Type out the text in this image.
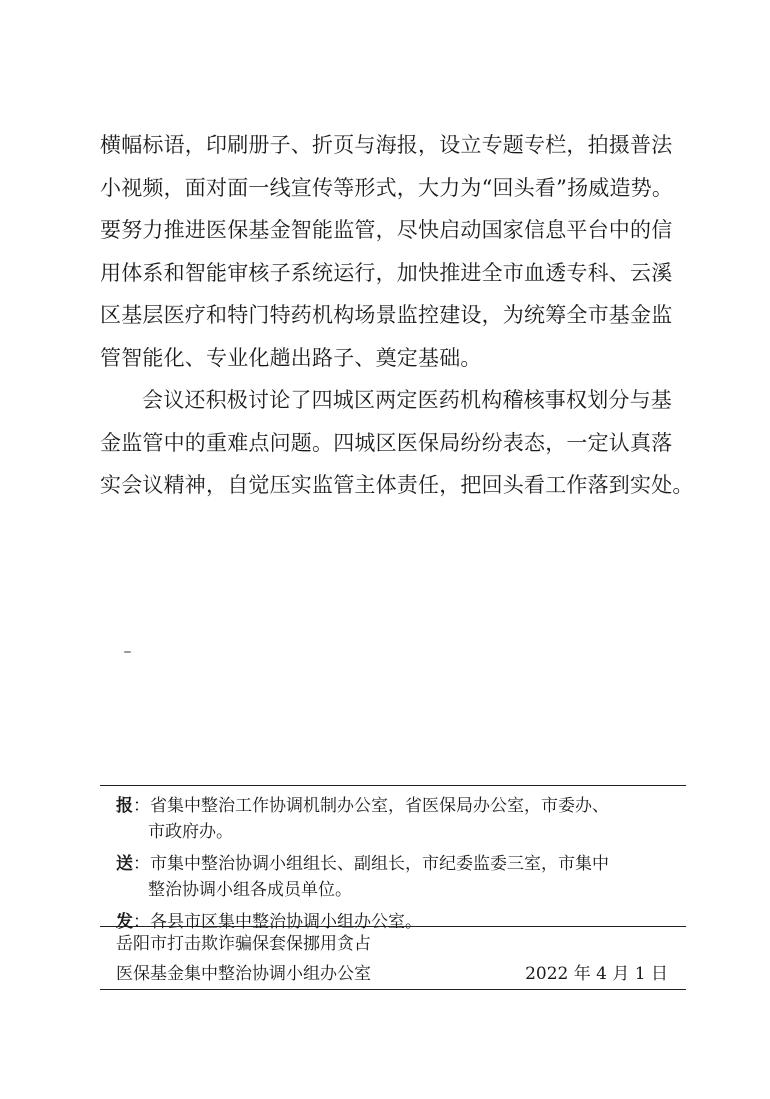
横幅标语，印刷册子、折页与海报，设立专题专栏，拍摄普法
小视频，面对面一线宣传等形式，大力为“回头看”扬威造势。
要努力推进医保基金智能监管，尽快启动国家信息平台中的信
用体系和智能审核子系统运行，加快推进全市血透专科、云溪
区基层医疗和特门特药机构场景监控建设，为统筹全市基金监
管智能化、专业化趟出路子、奠定基础。
会议还积极讨论了四城区两定医药机构稽核事权划分与基
金监管中的重难点问题。四城区医保局纷纷表态，一定认真落
实会议精神，自觉压实监管主体责任，把回头看工作落到实处。
报：省集中整治工作协调机制办公室，省医保局办公室，市委办、
市政府办。
送：市集中整治协调小组组长、副组长，市纪委监委三室，市集中
整治协调小组各成员单位。
发：各县市区集中整治协调小组办公室。
岳阳市打击欺诈骗保套保挪用贪占
医保基金集中整治协调小组办公室	2022 年 4 月 1 日
